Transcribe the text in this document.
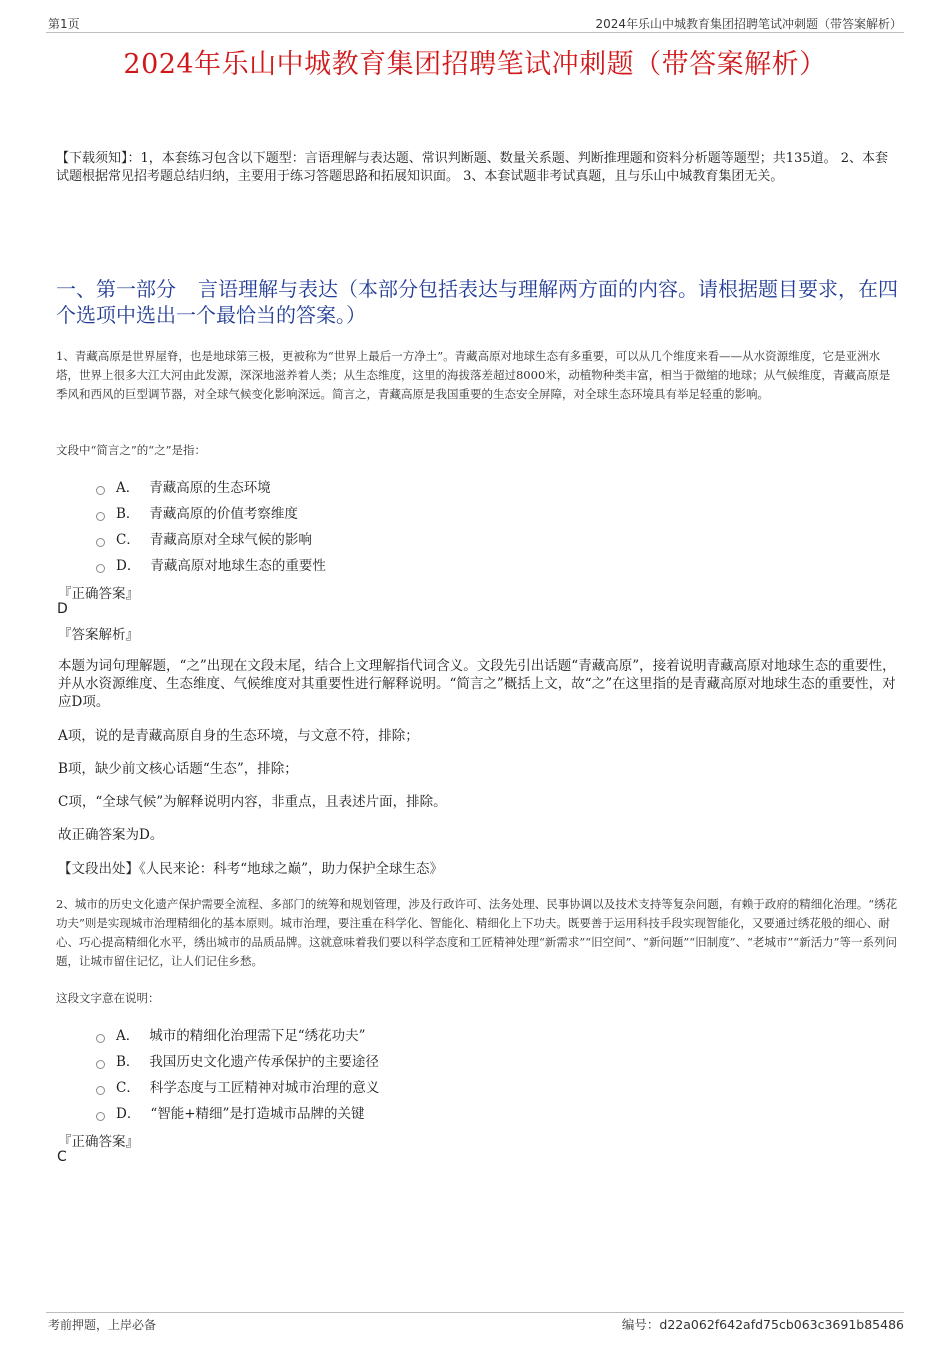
第1页	2024年乐山中城教育集团招聘笔试冲刺题（带答案解析）
2024年乐山中城教育集团招聘笔试冲刺题（带答案解析）
【下载须知】：1，本套练习包含以下题型：言语理解与表达题、常识判断题、数量关系题、判断推理题和资料分析题等题型；共135道。 2、本套试题根据常见招考题总结归纳，主要用于练习答题思路和拓展知识面。 3、本套试题非考试真题，且与乐山中城教育集团无关。
一、第一部分 言语理解与表达（本部分包括表达与理解两方面的内容。请根据题目要求，在四个选项中选出一个最恰当的答案。）
1、青藏高原是世界屋脊，也是地球第三极，更被称为“世界上最后一方净土”。青藏高原对地球生态有多重要，可以从几个维度来看——从水资源维度，它是亚洲水塔，世界上很多大江大河由此发源，深深地滋养着人类；从生态维度，这里的海拔落差超过8000米，动植物种类丰富，相当于微缩的地球；从气候维度，青藏高原是季风和西风的巨型调节器，对全球气候变化影响深远。简言之，青藏高原是我国重要的生态安全屏障，对全球生态环境具有举足轻重的影响。
文段中“简言之”的“之”是指：
A． 青藏高原的生态环境
B． 青藏高原的价值考察维度
C． 青藏高原对全球气候的影响
D． 青藏高原对地球生态的重要性
『正确答案』
D
『答案解析』
本题为词句理解题，“之”出现在文段末尾，结合上文理解指代词含义。文段先引出话题“青藏高原”，接着说明青藏高原对地球生态的重要性，并从水资源维度、生态维度、气候维度对其重要性进行解释说明。“简言之”概括上文，故“之”在这里指的是青藏高原对地球生态的重要性，对应D项。
A项，说的是青藏高原自身的生态环境，与文意不符，排除；
B项，缺少前文核心话题“生态”，排除；
C项，“全球气候”为解释说明内容，非重点，且表述片面，排除。
故正确答案为D。
【文段出处】《人民来论：科考“地球之巅”，助力保护全球生态》
2、城市的历史文化遗产保护需要全流程、多部门的统筹和规划管理，涉及行政许可、法务处理、民事协调以及技术支持等复杂问题，有赖于政府的精细化治理。“绣花功夫”则是实现城市治理精细化的基本原则。城市治理，要注重在科学化、智能化、精细化上下功夫。既要善于运用科技手段实现智能化，又要通过绣花般的细心、耐心、巧心提高精细化水平，绣出城市的品质品牌。这就意味着我们要以科学态度和工匠精神处理“新需求”“旧空间”、“新问题”“旧制度”、“老城市”“新活力”等一系列问题，让城市留住记忆，让人们记住乡愁。
这段文字意在说明：
A． 城市的精细化治理需下足“绣花功夫”
B． 我国历史文化遗产传承保护的主要途径
C． 科学态度与工匠精神对城市治理的意义
D． “智能+精细”是打造城市品牌的关键
『正确答案』
C
考前押题，上岸必备	编号：d22a062f642afd75cb063c3691b85486
